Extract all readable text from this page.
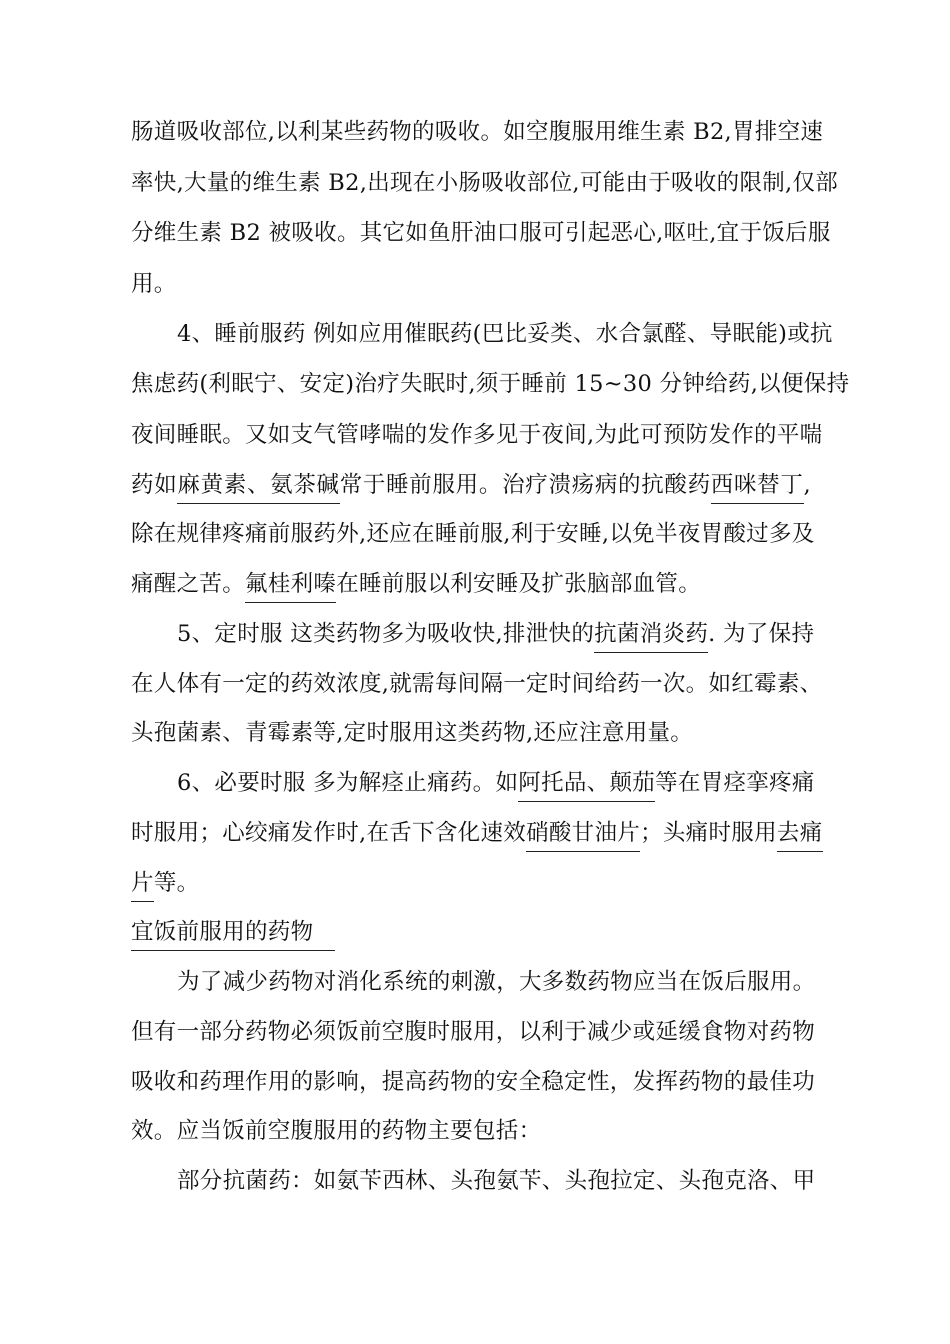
肠道吸收部位,以利某些药物的吸收。如空腹服用维生素 B2,胃排空速
率快,大量的维生素 B2,出现在小肠吸收部位,可能由于吸收的限制,仅部
分维生素 B2 被吸收。其它如鱼肝油口服可引起恶心,呕吐,宜于饭后服
用。
4、睡前服药 例如应用催眠药(巴比妥类、水合氯醛、导眠能)或抗
焦虑药(利眠宁、安定)治疗失眠时,须于睡前 15~30 分钟给药,以便保持
夜间睡眠。又如支气管哮喘的发作多见于夜间,为此可预防发作的平喘
药如麻黄素、氨茶碱常于睡前服用。治疗溃疡病的抗酸药西咪替丁,
除在规律疼痛前服药外,还应在睡前服,利于安睡,以免半夜胃酸过多及
痛醒之苦。氟桂利嗪在睡前服以利安睡及扩张脑部血管。
5、定时服 这类药物多为吸收快,排泄快的抗菌消炎药. 为了保持
在人体有一定的药效浓度,就需每间隔一定时间给药一次。如红霉素、
头孢菌素、青霉素等,定时服用这类药物,还应注意用量。
6、必要时服 多为解痉止痛药。如阿托品、颠茄等在胃痉挛疼痛
时服用；心绞痛发作时,在舌下含化速效硝酸甘油片；头痛时服用去痛
片等。
宜饭前服用的药物
为了减少药物对消化系统的刺激，大多数药物应当在饭后服用。
但有一部分药物必须饭前空腹时服用，以利于减少或延缓食物对药物
吸收和药理作用的影响，提高药物的安全稳定性，发挥药物的最佳功
效。应当饭前空腹服用的药物主要包括：
部分抗菌药：如氨苄西林、头孢氨苄、头孢拉定、头孢克洛、甲
